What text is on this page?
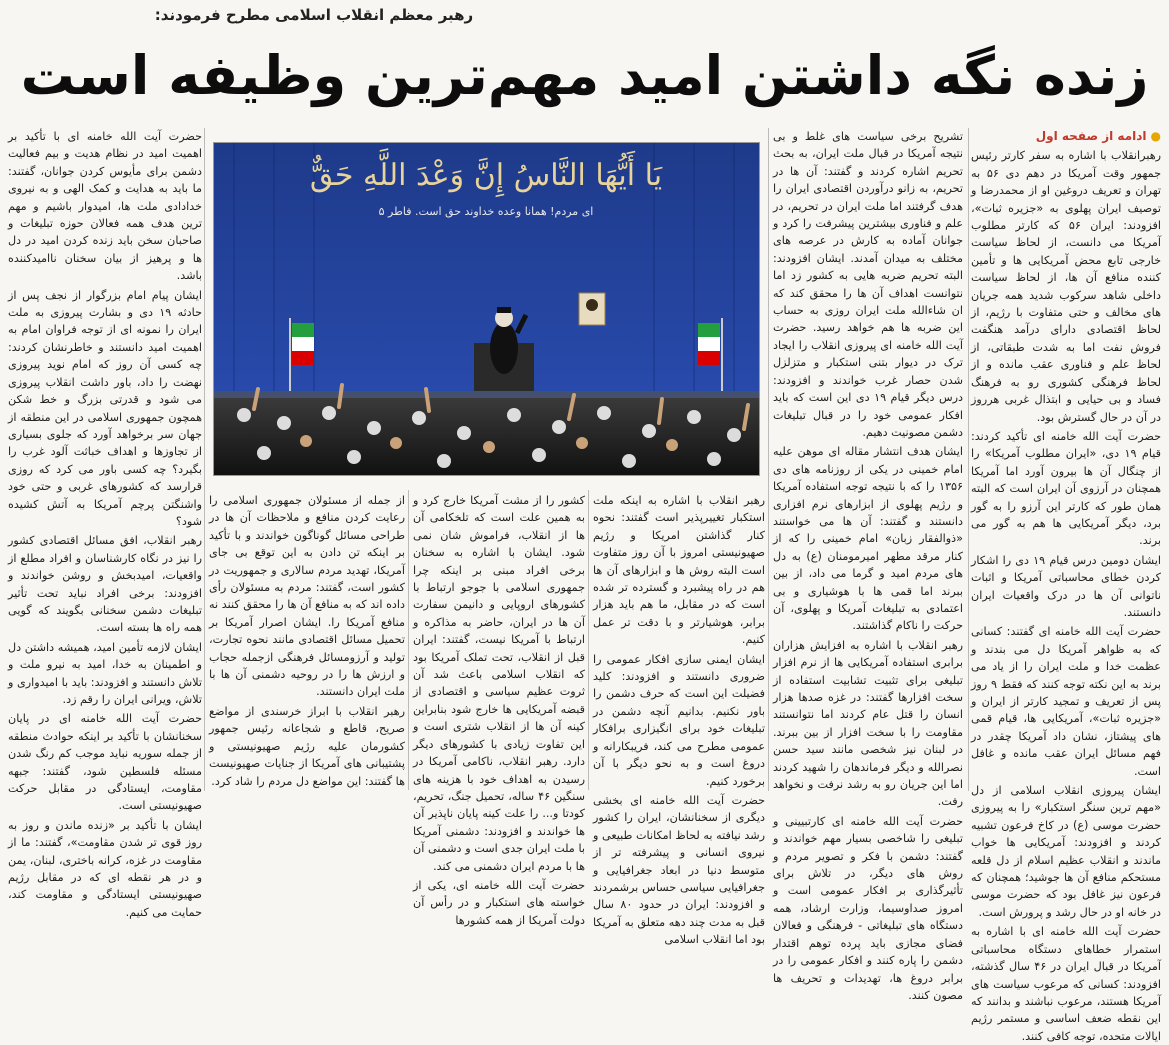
رهبر معظم انقلاب اسلامی مطرح فرمودند:
زنده نگه داشتن امید مهم‌ترین وظیفه است

●ادامه از صفحه اول

رهبرانقلاب با اشاره به سفر کارتر رئیس جمهور وقت آمریکا در دهم دی ۵۶ به تهران و تعریف دروغین او از محمدرضا و توصیف ایران پهلوی به «جزیره ثبات»، افزودند: ایران ۵۶ که کارتر مطلوب آمریکا می دانست، از لحاظ سیاست خارجی تابع محض آمریکایی ها و تأمین کننده منافع آن ها، از لحاظ سیاست داخلی شاهد سرکوب شدید همه جریان های مخالف و حتی متفاوت با رژیم، از لحاظ اقتصادی دارای درآمد هنگفت فروش نفت اما به شدت طبقاتی، از لحاظ علم و فناوری عقب مانده و از لحاظ فرهنگی کشوری رو به فرهنگ فساد و بی حیایی و ابتذال غربی هرروز در آن در حال گسترش بود.

حضرت آیت الله خامنه ای تأکید کردند: قیام ۱۹ دی، «ایران مطلوب آمریکا» را از چنگال آن ها بیرون آورد اما آمریکا همچنان در آرزوی آن ایران است که البته همان طور که کارتر این آرزو را به گور برد، دیگر آمریکایی ها هم به گور می برند.

ایشان دومین درس قیام ۱۹ دی را اشکار کردن خطای محاسباتی آمریکا و اثبات ناتوانی آن ها در درک واقعیات ایران دانستند.

حضرت آیت الله خامنه ای گفتند: کسانی که به ظواهر آمریکا دل می بندند و عظمت خدا و ملت ایران را از یاد می برند به این نکته توجه کنند که فقط ۹ روز پس از تعریف و تمجید کارتر از ایران و «جزیره ثبات»، آمریکایی ها، قیام قمی های پیشتاز، نشان داد آمریکا چقدر در فهم مسائل ایران عقب مانده و غافل است.

ایشان پیروزی انقلاب اسلامی از دل «مهم ترین سنگر استکبار» را به پیروزی حضرت موسی (ع) در کاخ فرعون تشبیه کردند و افزودند: آمریکایی ها خواب ماندند و انقلاب عظیم اسلام از دل قلعه مستحکم منافع آن ها جوشید؛ همچنان که فرعون نیز غافل بود که حضرت موسی در خانه او در حال رشد و پرورش است.

حضرت آیت الله خامنه ای با اشاره به استمرار خطاهای دستگاه محاسباتی آمریکا در قبال ایران در ۴۶ سال گذشته، افزودند: کسانی که مرعوب سیاست های آمریکا هستند، مرعوب نباشند و بدانند که این نقطه ضعف اساسی و مستمر رژیم ایالات متحده، توجه کافی کنند.

تشریح برخی سیاست های غلط و بی نتیجه آمریکا در قبال ملت ایران، به بحث تحریم اشاره کردند و گفتند: آن ها در تحریم، به زانو درآوردن اقتصادی ایران را هدف گرفتند اما ملت ایران در تحریم، در علم و فناوری بیشترین پیشرفت را کرد و جوانان آماده به کارش در عرصه های مختلف به میدان آمدند. ایشان افزودند: البته تحریم ضربه هایی به کشور زد اما نتوانست اهداف آن ها را محقق کند که ان شاءالله ملت ایران روزی به حساب این ضربه ها هم خواهد رسید. حضرت آیت الله خامنه ای پیروزی انقلاب را ایجاد ترک در دیوار بتنی استکبار و متزلزل شدن حصار غرب خواندند و افزودند: درس دیگر قیام ۱۹ دی این است که باید افکار عمومی خود را در قبال تبلیغات دشمن مصونیت دهیم.

ایشان هدف انتشار مقاله ای موهن علیه امام خمینی در یکی از روزنامه های دی ۱۳۵۶ را که با نتیجه توجه استفاده آمریکا و رژیم پهلوی از ابزارهای نرم افزاری دانستند و گفتند: آن ها می خواستند «ذوالفقار زبان» امام خمینی را که از کنار مرقد مطهر امیرمومنان (ع) به دل های مردم امید و گرما می داد، از بین ببرند اما قمی ها با هوشیاری و بی اعتمادی به تبلیغات آمریکا و پهلوی، آن حرکت را ناکام گذاشتند.

رهبر انقلاب با اشاره به افزایش هزاران برابری استفاده آمریکایی ها از نرم افزار تبلیغی برای تثبیت تشابیت استفاده از سخت افزارها گفتند: در غزه صدها هزار انسان را قتل عام کردند اما نتوانستند مقاومت را با سخت افزار از بین ببرند. در لبنان نیز شخصی مانند سید حسن نصرالله و دیگر فرماندهان را شهید کردند اما این جریان رو به رشد نرفت و نخواهد رفت.

حضرت آیت الله خامنه ای کارتبیینی و تبلیغی را شاخصی بسیار مهم خواندند و گفتند: دشمن با فکر و تصویر مردم و روش های دیگر، در تلاش برای تأثیرگذاری بر افکار عمومی است و امروز صداوسیما، وزارت ارشاد، همه دستگاه های تبلیغاتی - فرهنگی و فعالان فضای مجازی باید پرده توهم اقتدار دشمن را پاره کنند و افکار عمومی را در برابر دروغ ها، تهدیدات و تحریف ها مصون کنند.

يَا أَيُّهَا النَّاسُ إِنَّ وَعْدَ اللَّهِ حَقٌّ
ای مردم! همانا وعده خداوند حق است. فاطر ۵

رهبر انقلاب با اشاره به اینکه ملت استکبار تغییرپذیر است گفتند: نحوه کنار گذاشتن امریکا و رژیم صهیونیستی امروز با آن روز متفاوت است البته روش ها و ابزارهای آن ها هم در راه پیشبرد و گسترده تر شده است که در مقابل، ما هم باید هزار برابر، هوشیارتر و با دقت تر عمل کنیم.

ایشان ایمنی سازی افکار عمومی را ضروری دانستند و افزودند: کلید فضیلت این است که حرف دشمن را باور نکنیم. بدانیم آنچه دشمن در تبلیغات خود برای انگیزاری برافکار عمومی مطرح می کند، فریبکارانه و دروغ است و به نحو دیگر با آن برخورد کنیم.

حضرت آیت الله خامنه ای بخشی دیگری از سخنانشان، ایران را کشور رشد نیافته به لحاظ امکانات طبیعی و نیروی انسانی و پیشرفته تر از متوسط دنیا در ابعاد جغرافیایی و جغرافیایی سیاسی حساس برشمردند و افزودند: ایران در حدود ۸۰ سال قبل به مدت چند دهه متعلق به آمریکا بود اما انقلاب اسلامی

کشور را از مشت آمریکا خارج کرد و به همین علت است که تلخکامی آن ها از انقلاب، فراموش شان نمی شود. ایشان با اشاره به سخنان برخی افراد مبنی بر اینکه چرا جمهوری اسلامی با جوجو ارتباط با کشورهای اروپایی و دانیمن سفارت آن ها در ایران، حاضر به مذاکره و ارتباط با آمریکا نیست، گفتند: ایران قبل از انقلاب، تحت تملک آمریکا بود که انقلاب اسلامی باعث شد آن ثروت عظیم سیاسی و اقتصادی از قبضه آمریکایی ها خارج شود بنابراین کینه آن ها از انقلاب شتری است و این تفاوت زیادی با کشورهای دیگر دارد. رهبر انقلاب، ناکامی آمریکا در رسیدن به اهداف خود با هزینه های سنگین ۴۶ ساله، تحمیل جنگ، تحریم، کودتا و... را علت کینه پایان ناپذیر آن ها خواندند و افزودند: دشمنی آمریکا با ملت ایران جدی است و دشمنی آن ها با مردم ایران دشمنی می کند.

حضرت آیت الله خامنه ای، یکی از خواسته های استکبار و در رأس آن دولت آمریکا از همه کشورها

از جمله از مسئولان جمهوری اسلامی را رعایت کردن منافع و ملاحظات آن ها در طراحی مسائل گوناگون خواندند و با تأکید بر اینکه تن دادن به این توقع بی جای آمریکا، تهدید مردم سالاری و جمهوریت در کشور است، گفتند: مردم به مسئولان رأی داده اند که به منافع آن ها را محقق کنند نه منافع آمریکا را. ایشان اصرار آمریکا بر تحمیل مسائل اقتصادی مانند نحوه تجارت، تولید و آرزومسائل فرهنگی ازجمله حجاب و ارزش ها را در روحیه دشمنی آن ها با ملت ایران دانستند.

رهبر انقلاب با ابراز خرسندی از مواضع صریح، قاطع و شجاعانه رئیس جمهور کشورمان علیه رژیم صهیونیستی و پشتیبانی های آمریکا از جنایات صهیونیست ها گفتند: این مواضع دل مردم را شاد کرد.

حضرت آیت الله خامنه ای با تأکید بر اهمیت امید در نظام هدیت و بیم فعالیت دشمن برای مأیوس کردن جوانان، گفتند: ما باید به هدایت و کمک الهی و به نیروی خدادادی ملت ها، امیدوار باشیم و مهم ترین هدف همه فعالان حوزه تبلیغات و صاحبان سخن باید زنده کردن امید در دل ها و پرهیز از بیان سخنان ناامیدکننده باشد.

ایشان پیام امام بزرگوار از نجف پس از حادثه ۱۹ دی و بشارت پیروزی به ملت ایران را نمونه ای از توجه فراوان امام به اهمیت امید دانستند و خاطرنشان کردند: چه کسی آن روز که امام نوید پیروزی نهضت را داد، باور داشت انقلاب پیروزی می شود و قدرتی بزرگ و خط شکن همچون جمهوری اسلامی در این منطقه از جهان سر برخواهد آورد که جلوی بسیاری از تجاوزها و اهداف خباثت آلود غرب را بگیرد؟ چه کسی باور می کرد که روزی قرارسد که کشورهای غربی و حتی خود واشنگتن پرچم آمریکا به آتش کشیده شود؟

رهبر انقلاب، افق مسائل اقتصادی کشور را نیز در نگاه کارشناسان و افراد مطلع از واقعیات، امیدبخش و روشن خواندند و افزودند: برخی افراد نباید تحت تأثیر تبلیغات دشمن سخنانی بگویند که گویی همه راه ها بسته است.

ایشان لازمه تأمین امید، همیشه داشتن دل و اطمینان به خدا، امید به نیرو ملت و تلاش دانستند و افزودند: باید با امیدواری و تلاش، ویرانی ایران را رقم زد.

حضرت آیت الله خامنه ای در پایان سخنانشان با تأکید بر اینکه حوادث منطقه از جمله سوریه نباید موجب کم رنگ شدن مسئله فلسطین شود، گفتند: جبهه مقاومت، ایستادگی در مقابل حرکت صهیونیستی است.

ایشان با تأکید بر «زنده ماندن و روز به روز قوی تر شدن مقاومت»، گفتند: ما از مقاومت در غزه، کرانه باختری، لبنان، یمن و در هر نقطه ای که در مقابل رژیم صهیونیستی ایستادگی و مقاومت کند، حمایت می کنیم.
